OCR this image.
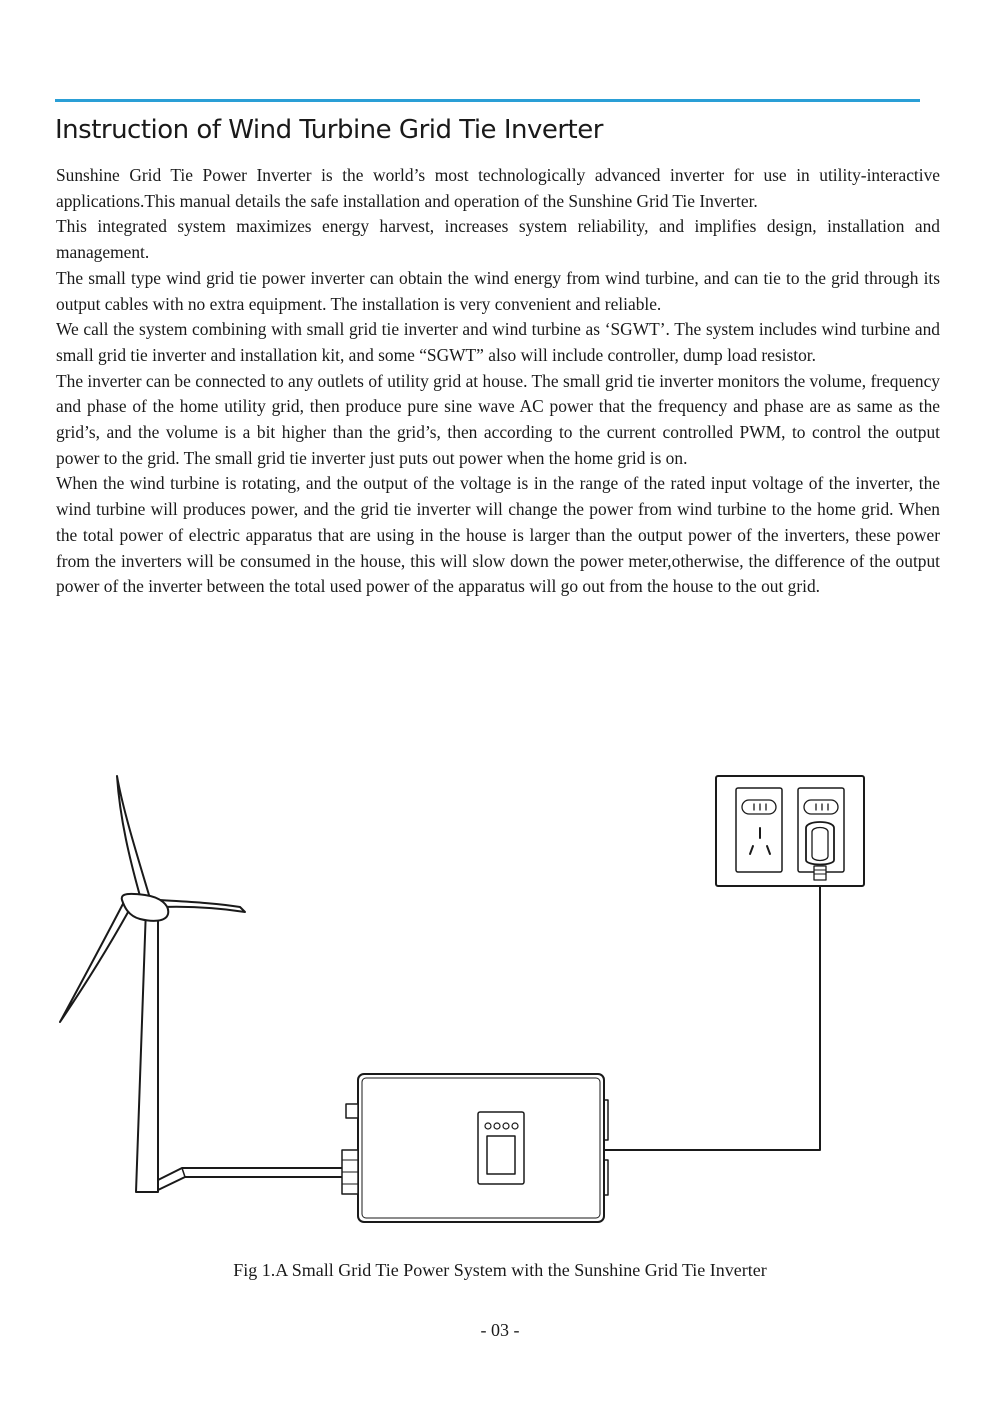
Instruction of Wind Turbine Grid Tie Inverter

Sunshine Grid Tie Power Inverter is the world’s most technologically advanced inverter for use in utility-interactive applications.This manual details the safe installation and operation of the Sunshine Grid Tie Inverter.

This integrated system maximizes energy harvest, increases system reliability, and implifies design, installation and management.

The small type wind grid tie power inverter can obtain the wind energy from wind turbine, and can tie to the grid through its output cables with no extra equipment. The installation is very convenient and reliable.

We call the system combining with small grid tie inverter and wind turbine as ‘SGWT’. The system includes wind turbine and small grid tie inverter and installation kit, and some “SGWT” also will include controller, dump load resistor.

The inverter can be connected to any outlets of utility grid at house. The small grid tie inverter monitors the volume, frequency and phase of the home utility grid, then produce pure sine wave AC power that the frequency and phase are as same as the grid’s, and the volume is a bit higher than the grid’s, then according to the current controlled PWM, to control the output power to the grid. The small grid tie inverter just puts out power when the home grid is on.

When the wind turbine is rotating, and the output of the voltage is in the range of the rated input voltage of the inverter, the wind turbine will produces power, and the grid tie inverter will change the power from wind turbine to the home grid. When the total power of electric apparatus that are using in the house is larger than the output power of the inverters, these power from the inverters will be consumed in the house, this will slow down the power meter,otherwise, the difference of the output power of the inverter between the total used power of the apparatus will go out from the house to the out grid.

Fig 1.A Small Grid Tie Power System with the Sunshine Grid Tie Inverter
- 03 -
